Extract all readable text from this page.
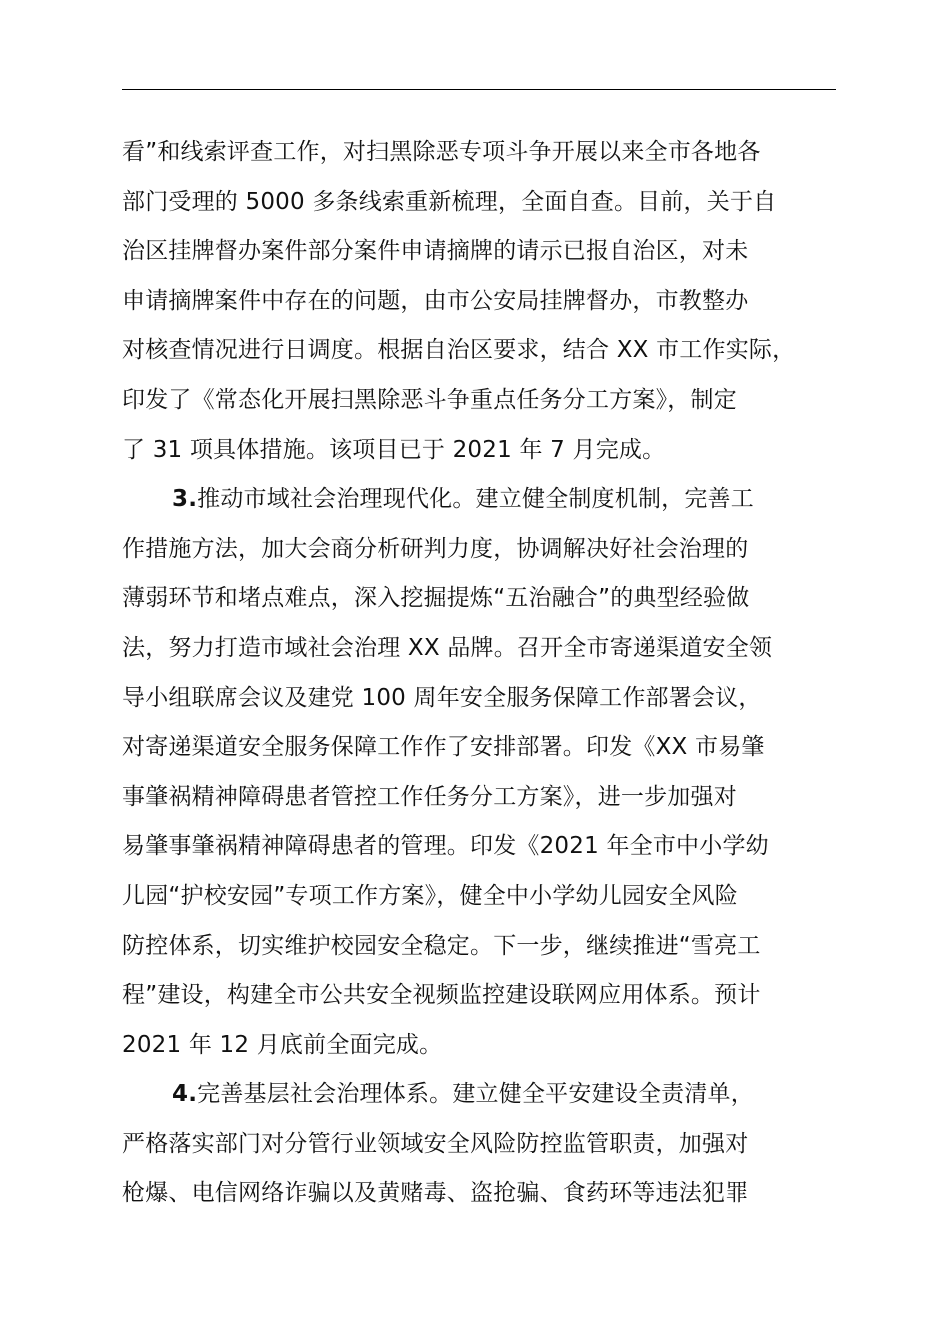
看”和线索评查工作，对扫黑除恶专项斗争开展以来全市各地各
部门受理的 5000 多条线索重新梳理，全面自查。目前，关于自
治区挂牌督办案件部分案件申请摘牌的请示已报自治区，对未
申请摘牌案件中存在的问题，由市公安局挂牌督办，市教整办
对核查情况进行日调度。根据自治区要求，结合 XX 市工作实际，
印发了《常态化开展扫黑除恶斗争重点任务分工方案》，制定
了 31 项具体措施。该项目已于 2021 年 7 月完成。
3.推动市域社会治理现代化。建立健全制度机制，完善工
作措施方法，加大会商分析研判力度，协调解决好社会治理的
薄弱环节和堵点难点，深入挖掘提炼“五治融合”的典型经验做
法，努力打造市域社会治理 XX 品牌。召开全市寄递渠道安全领
导小组联席会议及建党 100 周年安全服务保障工作部署会议，
对寄递渠道安全服务保障工作作了安排部署。印发《XX 市易肇
事肇祸精神障碍患者管控工作任务分工方案》，进一步加强对
易肇事肇祸精神障碍患者的管理。印发《2021 年全市中小学幼
儿园“护校安园”专项工作方案》，健全中小学幼儿园安全风险
防控体系，切实维护校园安全稳定。下一步，继续推进“雪亮工
程”建设，构建全市公共安全视频监控建设联网应用体系。预计
2021 年 12 月底前全面完成。
4.完善基层社会治理体系。建立健全平安建设全责清单，
严格落实部门对分管行业领域安全风险防控监管职责，加强对
枪爆、电信网络诈骗以及黄赌毒、盗抢骗、食药环等违法犯罪
